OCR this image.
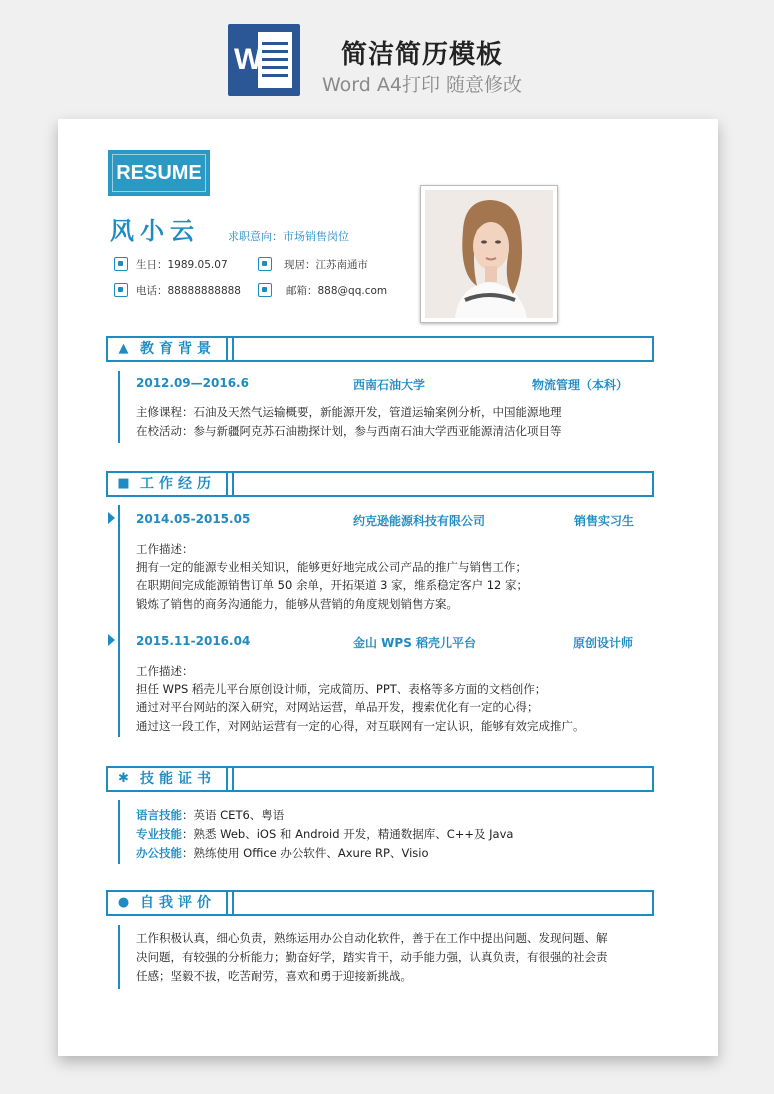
W	简洁简历模板
Word A4打印 随意修改
RESUME
风小云	求职意向：市场销售岗位
生日：1989.05.07	现居：江苏南通市
电话：88888888888	邮箱：888@qq.com
▲ 教育背景
2012.09—2016.6	西南石油大学	物流管理（本科）
主修课程：石油及天然气运输概要，新能源开发，管道运输案例分析，中国能源地理
在校活动：参与新疆阿克苏石油勘探计划，参与西南石油大学西亚能源清洁化项目等
■ 工作经历
2014.05-2015.05	约克逊能源科技有限公司	销售实习生
工作描述：
拥有一定的能源专业相关知识，能够更好地完成公司产品的推广与销售工作；
在职期间完成能源销售订单 50 余单，开拓渠道 3 家，维系稳定客户 12 家；
锻炼了销售的商务沟通能力，能够从营销的角度规划销售方案。
2015.11-2016.04	金山 WPS 稻壳儿平台	原创设计师
工作描述：
担任 WPS 稻壳儿平台原创设计师，完成简历、PPT、表格等多方面的文档创作；
通过对平台网站的深入研究，对网站运营，单品开发，搜索优化有一定的心得；
通过这一段工作，对网站运营有一定的心得，对互联网有一定认识，能够有效完成推广。
✱ 技能证书
语言技能：英语 CET6、粤语
专业技能：熟悉 Web、iOS 和 Android 开发，精通数据库、C++及 Java
办公技能：熟练使用 Office 办公软件、Axure RP、Visio
● 自我评价
工作积极认真，细心负责，熟练运用办公自动化软件，善于在工作中提出问题、发现问题、解
决问题，有较强的分析能力；勤奋好学，踏实肯干，动手能力强，认真负责，有很强的社会责
任感；坚毅不拔，吃苦耐劳，喜欢和勇于迎接新挑战。
